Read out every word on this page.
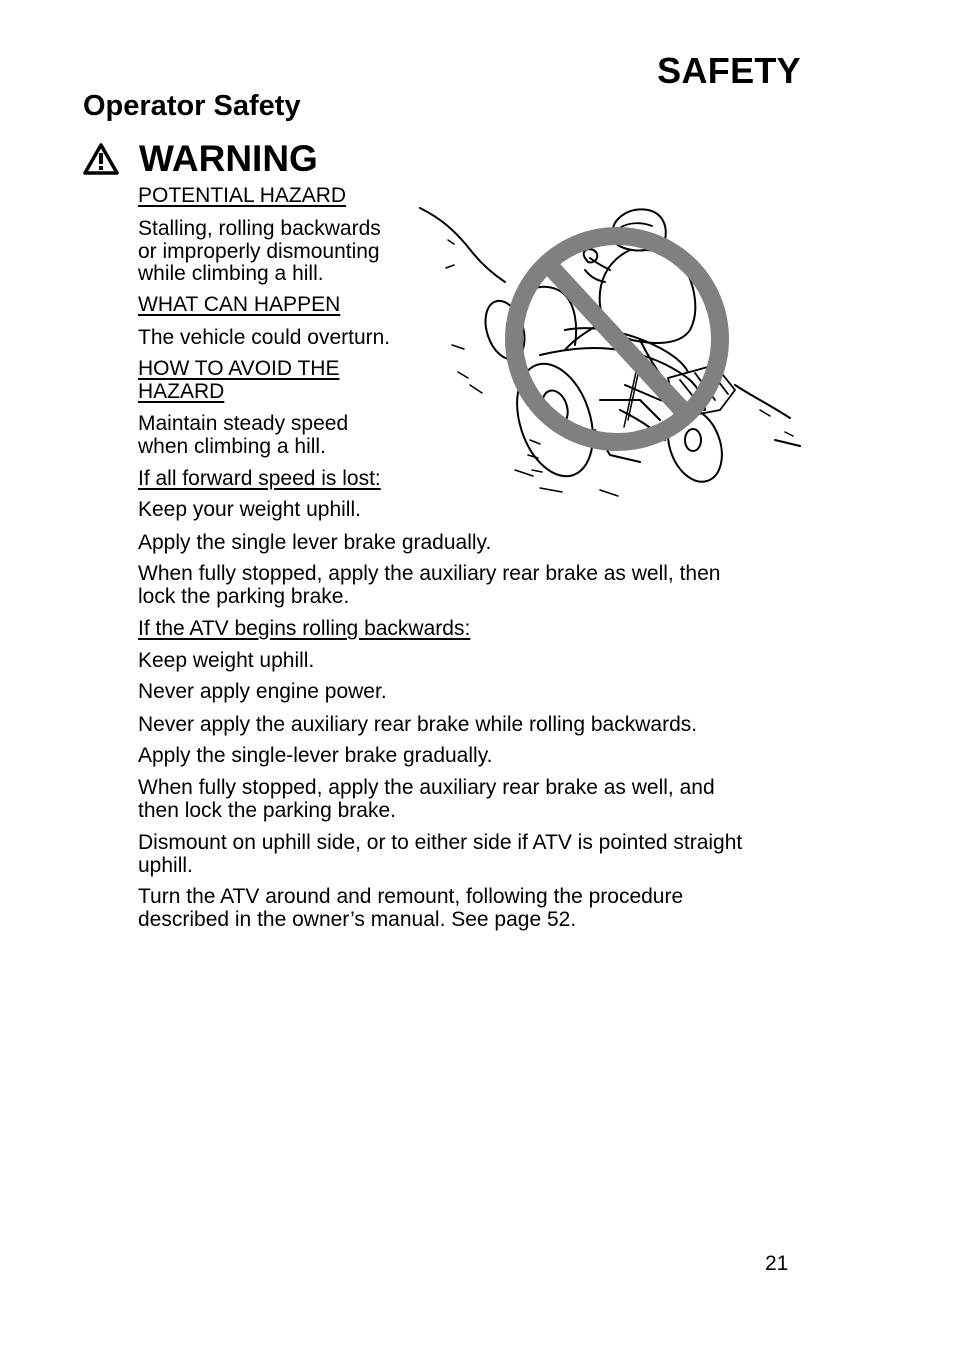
SAFETY
Operator Safety
WARNING
POTENTIAL HAZARD
Stalling, rolling backwards
or improperly dismounting
while climbing a hill.
WHAT CAN HAPPEN
The vehicle could overturn.
HOW TO AVOID THE
HAZARD
Maintain steady speed
when climbing a hill.
If all forward speed is lost:
Keep your weight uphill.
Apply the single lever brake gradually.
When fully stopped, apply the auxiliary rear brake as well, then
lock the parking brake.
If the ATV begins rolling backwards:
Keep weight uphill.
Never apply engine power.
Never apply the auxiliary rear brake while rolling backwards.
Apply the single-lever brake gradually.
When fully stopped, apply the auxiliary rear brake as well, and
then lock the parking brake.
Dismount on uphill side, or to either side if ATV is pointed straight
uphill.
Turn the ATV around and remount, following the procedure
described in the owner’s manual. See page 52.
21
